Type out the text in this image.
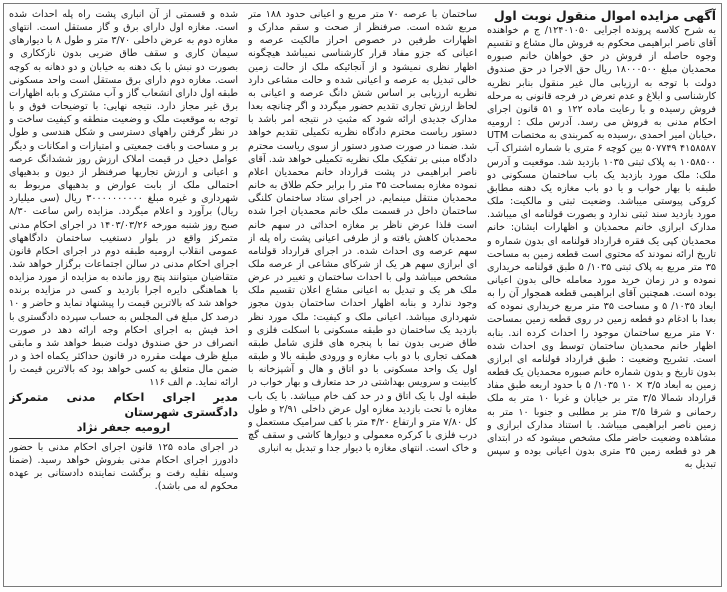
آگهی مزایده اموال منقول نوبت اول

به شرح کلاسه پرونده اجرایی ۱۲۴۰۱۰۵۰/ ج م خواهنده آقای ناصر ابراهیمی محکوم به فروش مال مشاع و تقسیم وجوه حاصله از فروش در حق خواهان خانم صبوره محمدیان مبلغ ۱۸۰۰۰۵۰۰ ریال حق الاجرا در حق صندوق دولت با توجه به ارزیابی مال غیر منقول بنابر نظریه کارشناسی و ابلاغ و عدم تعرض در فرجه قانونی به مرحله فروش رسیده و با رعایت ماده ۱۲۲ و ۵۱ قانون اجرای احکام مدنی به فروش می رسد. آدرس ملک : ارومیه ،خیابان امیر احمدی ،رسیده به کمربندی به مختصات UTM ۵۰۷۷۴۹ ۴۱۵۸۵۸۷ بین کوچه ۶ متری با شماره اشتراک آب ۱۰۵۸۵۰۰ به پلاک ثبتی ۱۰۳۵ بازدید شد. موقعیت و آدرس ملک: ملک مورد بازدید یک باب ساختمان مسکونی دو طبقه با بهار خواب و یا دو باب مغازه یک دهنه مطابق کروکی پیوستی میباشد. وضعیت ثبتی و مالکیت: ملک مورد بازدید سند ثبتی ندارد و بصورت قولنامه ای میباشد. مدارک ابرازی خانم محمدیان و اظهارات ایشان: خانم محمدیان کپی یک فقره قرارداد قولنامه ای بدون شماره و تاریخ ارائه نمودند که محتوی است قطعه زمین به مساحت ۳۵ متر مربع به پلاک ثبتی ۱۰۳۵/ ۵ طبق قولنامه خریداری نموده و در زمان خرید مورد معامله خالی بدون اعیانی بوده است. همچنین آقای ابراهیمی قطعه همجوار آن را به ابعاد ۱۰۳۵/ ۵ و مساحت ۳۵ متر مربع خریداری نموده که بعدا با ادغام دو قطعه زمین در روی قطعه زمین بمساحت ۷۰ متر مربع ساختمان موجود را احداث کرده اند. بنابه اظهار خانم محمدیان ساختمان توسط وی احداث شده است. تشریح وضعیت : طبق قرارداد قولنامه ای ابرازی بدون تاریخ و بدون شماره خانم صبوره محمدیان یک قطعه زمین به ابعاد ۳/۵ × ۱۰ ۱۰۳۵/ ۵ با حدود اربعه طبق مفاد قرارداد شمالا ۳/۵ متر بر خیابان و غربا ۱۰ متر به ملک رحمانی و شرقا ۳/۵ متر بر مطلبی و جنوبا ۱۰ متر به زمین ناصر ابراهیمی میباشد. با استناد مدارک ابرازی و مشاهده وضعیت حاضر ملک مشخص میشود که در ابتدای هر دو قطعه زمین ۳۵ متری بدون اعیانی بوده و سپس تبدیل به

ساختمان با عرصه ۷۰ متر مربع و اعیانی حدود ۱۸۸ متر مربع شده است. صرفنظر از صحت و سقم مدارک و اظهارات طرفین در خصوص احراز مالکیت عرصه و اعیانی که جزو مفاد قرار کارشناسی نمیباشد هیچگونه اظهار نظری نمیشود و از آنجائیکه ملک از حالت زمین خالی تبدیل به عرصه و اعیانی شده و حالت مشاعی دارد نظریه ارزیابی بر اساس شش دانگ عرصه و اعیانی به لحاظ ارزش تجاری تقدیم حضور میگردد و اگر چنانچه بعدا مدارک جدیدی ارائه شود که مثبتِ در نتیجه امر باشد با دستور ریاست محترم دادگاه نظریه تکمیلی تقدیم خواهد شد. ضمنا در صورت صدور دستور از سوی ریاست محترم دادگاه مبنی بر تفکیک ملک نظریه تکمیلی خواهد شد. آقای ناصر ابراهیمی در پشت قرارداد خانم محمدیان اعلام نموده مغازه بمساحت ۳۵ متر را برابر حکم طلاق به خانم محمدیان منتقل مینمایم. در اجرای ستاد ساختمان کلنگی ساختمان داخل در قسمت ملک خانم محمدیان اجرا شده است فلذا عرض ناظر بر مغازه احداثی در سهم خانم محمدیان کاهش یافته و از طرفی اعیانی پشت راه پله از سهم عرصه وی احداث شده. در اجرای قرارداد قولنامه ای ابرازی سهم هر یک از شرکای مشاعی از عرصه ملک مشخص میباشد ولی با احداث ساختمان و تغییر در عرض ملک هر یک و تبدیل به اعیانی مشاع اعلان تقسیم ملک وجود ندارد و بنابه اظهار احداث ساختمان بدون مجوز شهرداری میباشد. اعیانی ملک و کیفیت: ملک مورد نظر بازدید یک ساختمان دو طبقه مسکونی با اسکلت فلزی و طاق ضربی بدون نما با پنجره های فلزی شامل طبقه همکف تجاری با دو باب مغازه و ورودی طبقه بالا و طبقه اول یک واحد مسکونی با دو اتاق و هال و آشپزخانه با کابینت و سرویس بهداشتی در حد متعارف و بهار خواب در طبقه اول با یک اتاق و در حد کف خام میباشد. با یک باب مغازه با تحت بازدید مغازه اول عرض داخلی ۲/۹۱ و طول کل ۷/۸۰ متر و ارتفاع ۴/۲۰ متر با کف سرامیک مستعمل و درب فلزی با کرکره معمولی و دیوارها کاشی و سقف گچ و خاک است. انتهای مغازه با دیوار جدا و تبدیل به انباری

شده و قسمتی از آن انباری پشت راه پله احداث شده است. مغازه اول دارای برق و گاز مستقل است. انتهای مغازه دوم به عرض داخلی ۳/۷۰ متر و طول ۸ با دیوارهای سیمان کاری و سقف طاق ضربی بدون نازککاری و بصورت دو نبش با یک دهنه به خیابان و دو دهانه به کوچه است. مغازه دوم دارای برق مستقل است واحد مسکونی طبقه اول دارای انشعاب گاز و آب مشترک و بابه اظهارات برق غیر مجاز دارد. نتیجه نهایی: با توضیحات فوق و با توجه به موقعیت ملک و وضعیت منطقه و کیفیت ساخت و در نظر گرفتن راههای دسترسی و شکل هندسی و طول بر و مساحت و بافت جمعیتی و امتیازات و امکانات و دیگر عوامل دخیل در قیمت املاک ارزش روز ششدانگ عرصه و اعیانی و ارزش تجاریها صرفنظر از دیون و بدهیهای احتمالی ملک از بابت عوارض و بدهیهای مربوط به شهرداری و غیره مبلغ ۳۰۰۰۰۰۰۰۰۰۰ ریال (سی میلیارد ریال) برآورد و اعلام میگردد. مزایده راس ساعت ۸/۳۰ صبح روز شنبه مورخه ۱۴۰۳/۰۳/۲۶ در اجرای احکام مدنی متمرکز واقع در بلوار دستغیب ساختمان دادگاههای عمومی انقلاب ارومیه طبقه دوم در اجرای احکام قانون اجرای احکام مدنی در سالن اجتماعات برگزار خواهد شد. متقاضیان میتوانند پنج روز مانده به مزایده از مورد مزایده با هماهنگی دایره اجرا بازدید و کسی در مزایده برنده خواهد شد که بالاترین قیمت را پیشنهاد نماید و حاضر و ۱۰ درصد کل مبلغ فی المجلس به حساب سپرده دادگستری با اخذ فیش به اجرای احکام وجه ارائه دهد در صورت انصراف در حق صندوق دولت ضبط خواهد شد و مابقی مبلغ ظرف مهلت مقرره در قانون حداکثر یکماه اخذ و در ضمن مال متعلق به کسی خواهد بود که بالاترین قیمت را ارائه نماید. م الف ۱۱۶

مدیر اجرای احکام مدنی متمرکز دادگستری شهرستان

ارومیه جعفر نژاد

در اجرای ماده ۱۲۵ قانون اجرای احکام مدنی با حضور دادورز اجرای احکام مدنی بفروش خواهد رسید. (ضمنا وسیله نقلیه رفت و برگشت نماینده دادستانی بر عهده محکوم له می باشد).
